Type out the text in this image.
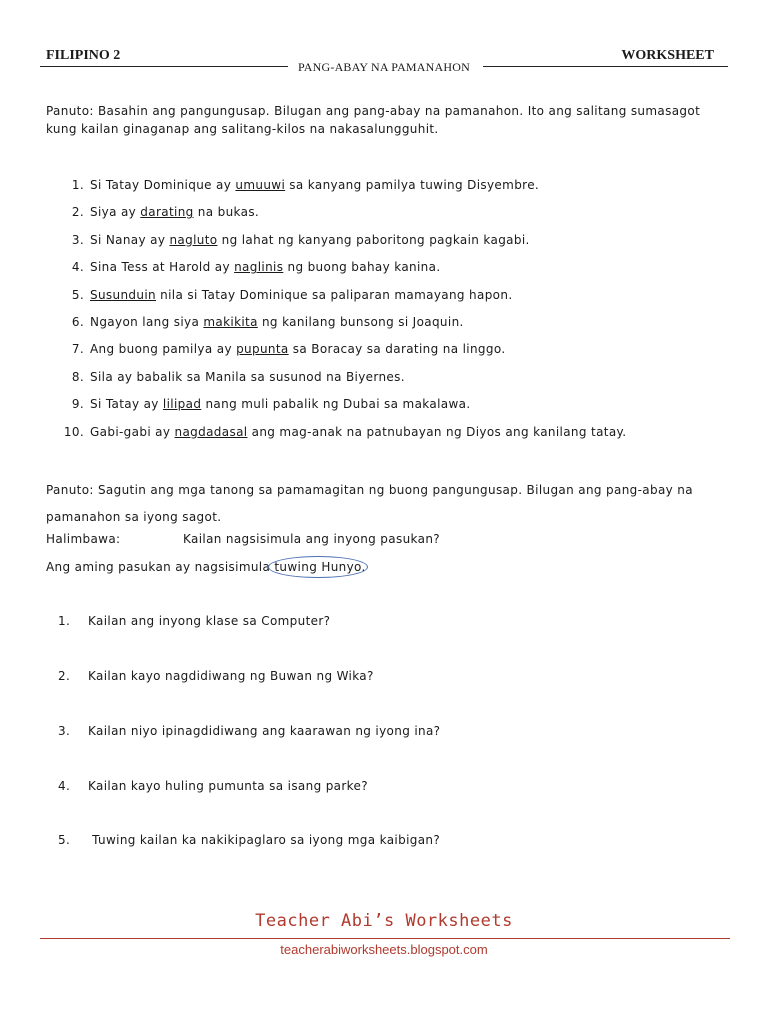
FILIPINO 2
PANG-ABAY NA PAMANAHON
WORKSHEET
Panuto: Basahin ang pangungusap. Bilugan ang pang-abay na pamanahon. Ito ang salitang sumasagot kung kailan ginaganap ang salitang-kilos na nakasalungguhit.
1. Si Tatay Dominique ay umuuwi sa kanyang pamilya tuwing Disyembre.
2. Siya ay darating na bukas.
3. Si Nanay ay nagluto ng lahat ng kanyang paboritong pagkain kagabi.
4. Sina Tess at Harold ay naglinis ng buong bahay kanina.
5. Susunduin nila si Tatay Dominique sa paliparan mamayang hapon.
6. Ngayon lang siya makikita ng kanilang bunsong si Joaquin.
7. Ang buong pamilya ay pupunta sa Boracay sa darating na linggo.
8. Sila ay babalik sa Manila sa susunod na Biyernes.
9. Si Tatay ay lilipad nang muli pabalik ng Dubai sa makalawa.
10. Gabi-gabi ay nagdadasal ang mag-anak na patnubayan ng Diyos ang kanilang tatay.
Panuto: Sagutin ang mga tanong sa pamamagitan ng buong pangungusap. Bilugan ang pang-abay na pamanahon sa iyong sagot.
Halimbawa:	Kailan nagsisimula ang inyong pasukan?
Ang aming pasukan ay nagsisimula
tuwing Hunyo.
1. Kailan ang inyong klase sa Computer?
2. Kailan kayo nagdidiwang ng Buwan ng Wika?
3. Kailan niyo ipinagdidiwang ang kaarawan ng iyong ina?
4. Kailan kayo huling pumunta sa isang parke?
5. Tuwing kailan ka nakikipaglaro sa iyong mga kaibigan?
Teacher Abi’s Worksheets
teacherabiworksheets.blogspot.com
